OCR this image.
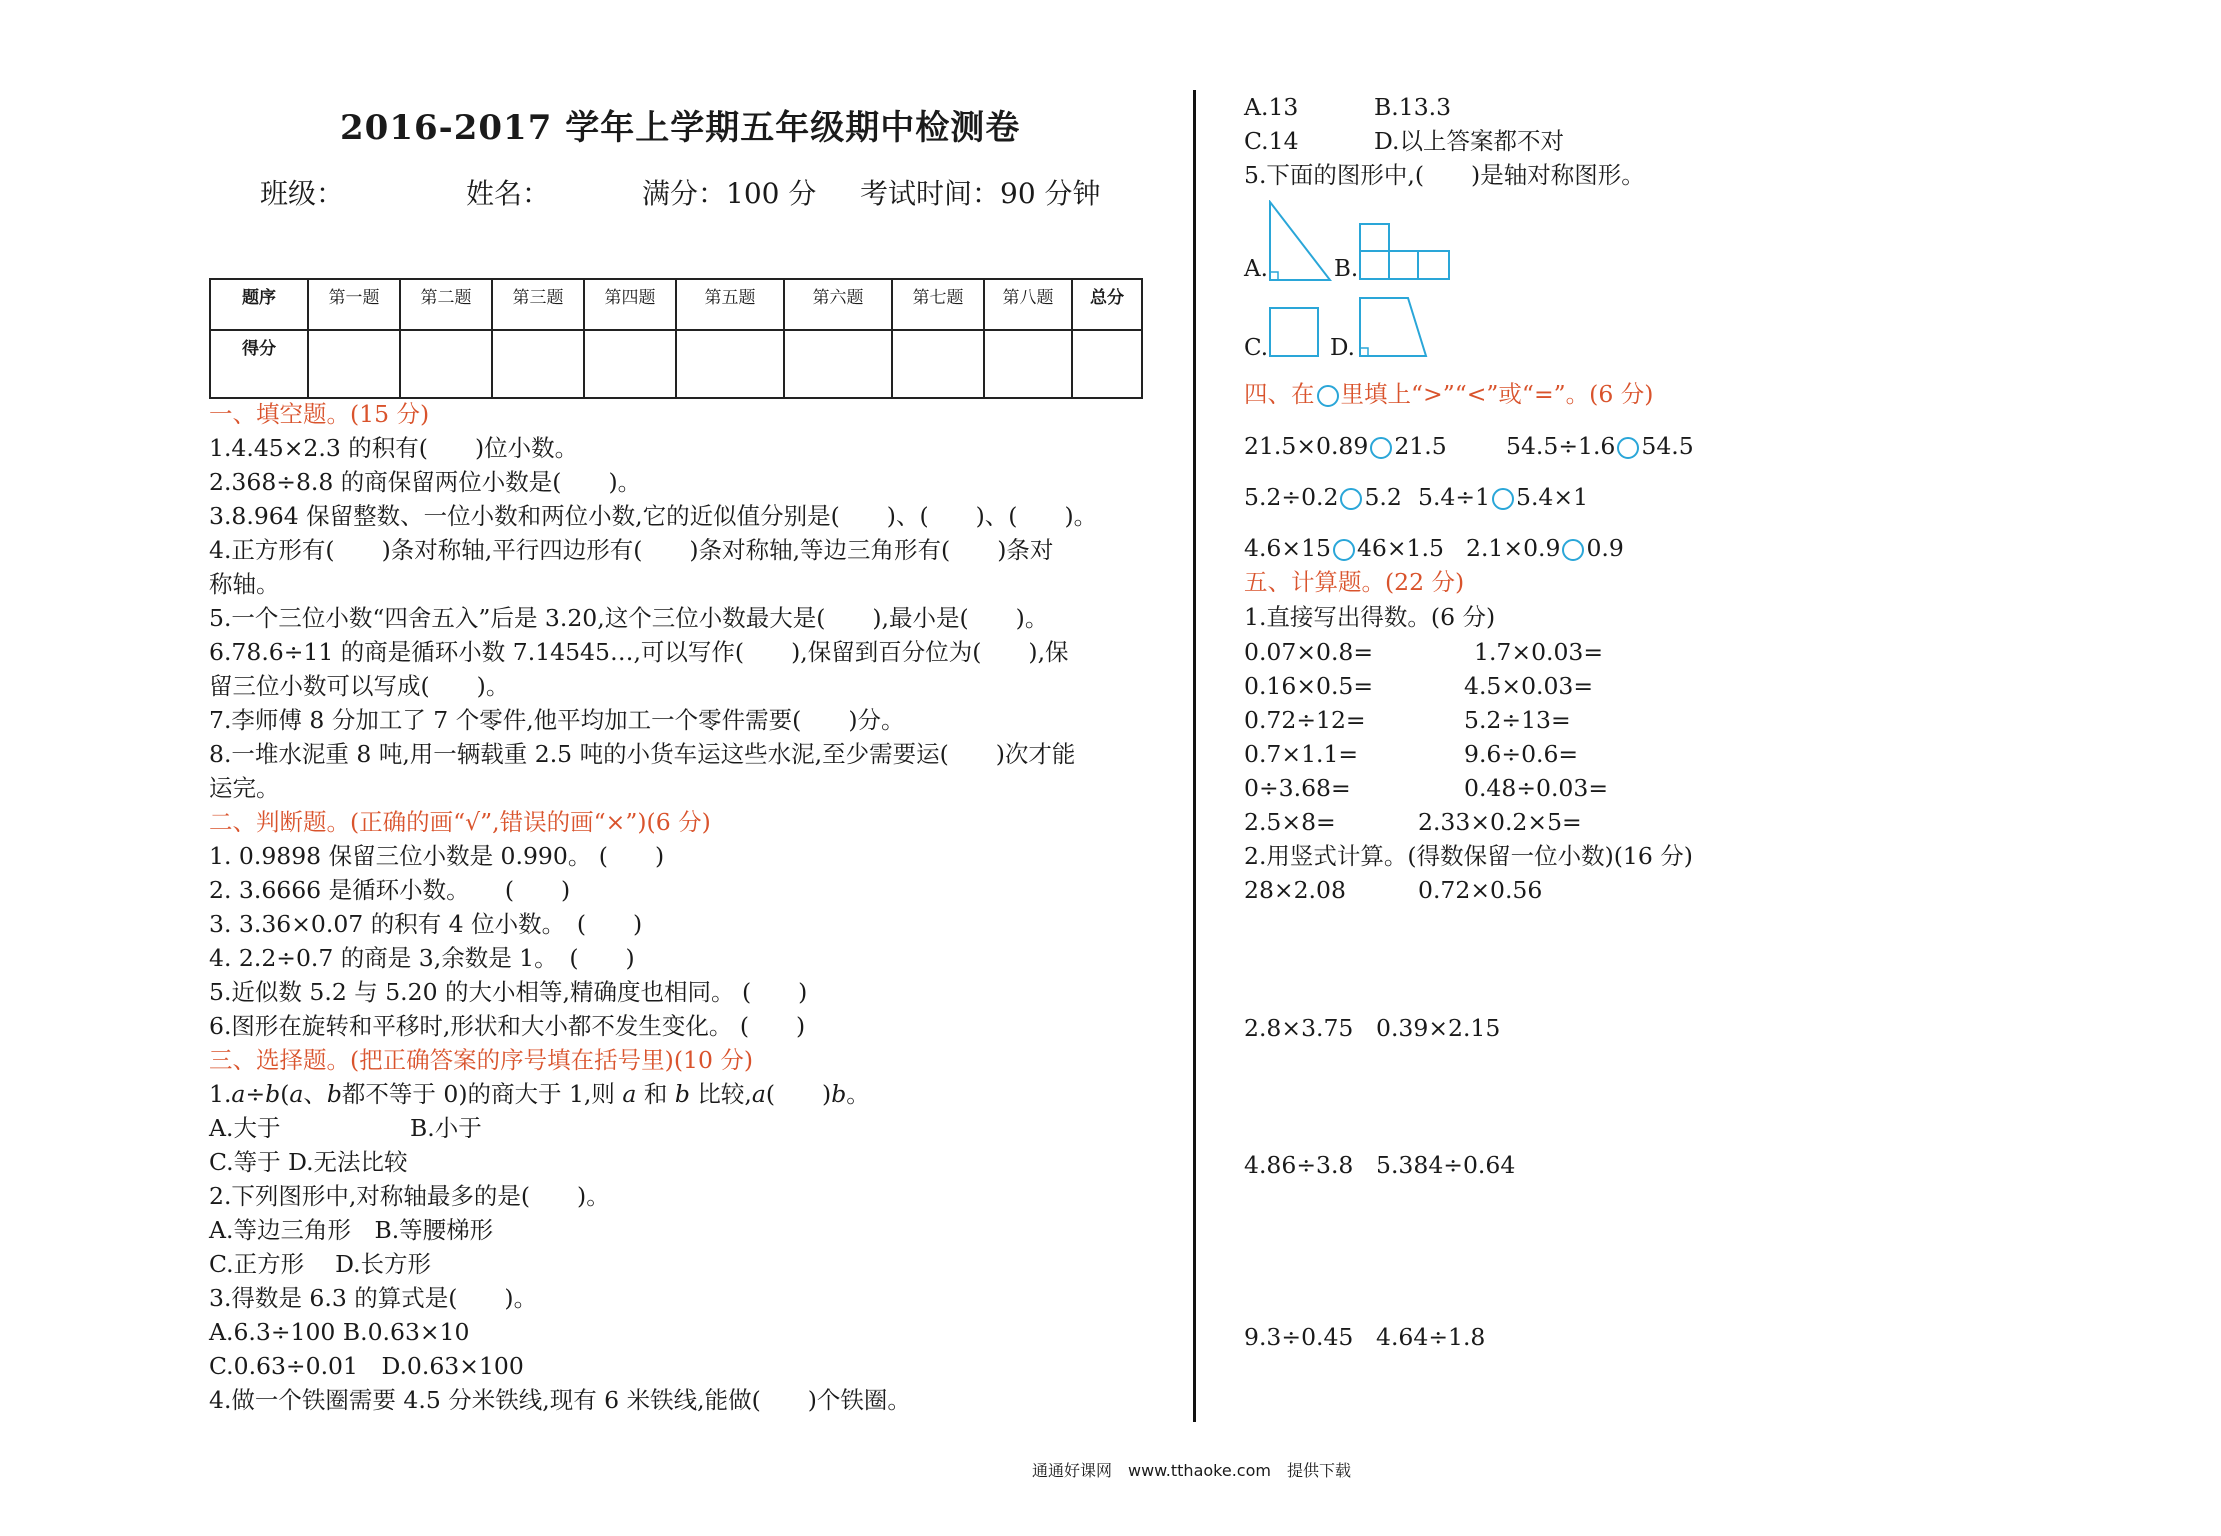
2016-2017 学年上学期五年级期中检测卷
班级：	姓名：	满分：100 分 考试时间：90 分钟
题序	第一题	第二题	第三题	第四题	第五题	第六题	第七题	第八题	总分
得分									
一、填空题。(15 分)
1.4.45×2.3 的积有(　　)位小数。
2.368÷8.8 的商保留两位小数是(　　)。
3.8.964 保留整数、一位小数和两位小数,它的近似值分别是(　　)、(　　)、(　　)。
4.正方形有(　　)条对称轴,平行四边形有(　　)条对称轴,等边三角形有(　　)条对
称轴。
5.一个三位小数“四舍五入”后是 3.20,这个三位小数最大是(　　),最小是(　　)。
6.78.6÷11 的商是循环小数 7.14545…,可以写作(　　),保留到百分位为(　　),保
留三位小数可以写成(　　)。
7.李师傅 8 分加工了 7 个零件,他平均加工一个零件需要(　　)分。
8.一堆水泥重 8 吨,用一辆载重 2.5 吨的小货车运这些水泥,至少需要运(　　)次才能
运完。
二、判断题。(正确的画“√”,错误的画“×”)(6 分)
1. 0.9898 保留三位小数是 0.990。 (　　)
2. 3.6666 是循环小数。　　(　　)
3. 3.36×0.07 的积有 4 位小数。　(　　)
4. 2.2÷0.7 的商是 3,余数是 1。　(　　)
5.近似数 5.2 与 5.20 的大小相等,精确度也相同。 (　　)
6.图形在旋转和平移时,形状和大小都不发生变化。 (　　)
三、选择题。(把正确答案的序号填在括号里)(10 分)
1.a÷b(a、b都不等于 0)的商大于 1,则 a 和 b 比较,a(　　)b。
A.大于	B.小于
C.等于 D.无法比较
2.下列图形中,对称轴最多的是(　　)。
A.等边三角形　B.等腰梯形
C.正方形　 D.长方形
3.得数是 6.3 的算式是(　　)。
A.6.3÷100 B.0.63×10
C.0.63÷0.01　D.0.63×100
4.做一个铁圈需要 4.5 分米铁线,现有 6 米铁线,能做(　　)个铁圈。
A.13	B.13.3
C.14	D.以上答案都不对
5.下面的图形中,(　　)是轴对称图形。
A.	B.
C.	D.
四、在 里填上“>”“<”或“=”。(6 分)
21.5×0.89 21.5	54.5÷1.6 54.5
5.2÷0.2 5.2 5.4÷1 5.4×1
4.6×15 46×1.5 2.1×0.9 0.9
五、计算题。(22 分)
1.直接写出得数。(6 分)
0.07×0.8=	1.7×0.03=
0.16×0.5=	4.5×0.03=
0.72÷12=	5.2÷13=
0.7×1.1=	9.6÷0.6=
0÷3.68=	0.48÷0.03=
2.5×8=	2.33×0.2×5=
2.用竖式计算。(得数保留一位小数)(16 分)
28×2.08	0.72×0.56
2.8×3.75 0.39×2.15
4.86÷3.8 5.384÷0.64
9.3÷0.45 4.64÷1.8
通通好课网　www.tthaoke.com　提供下载
